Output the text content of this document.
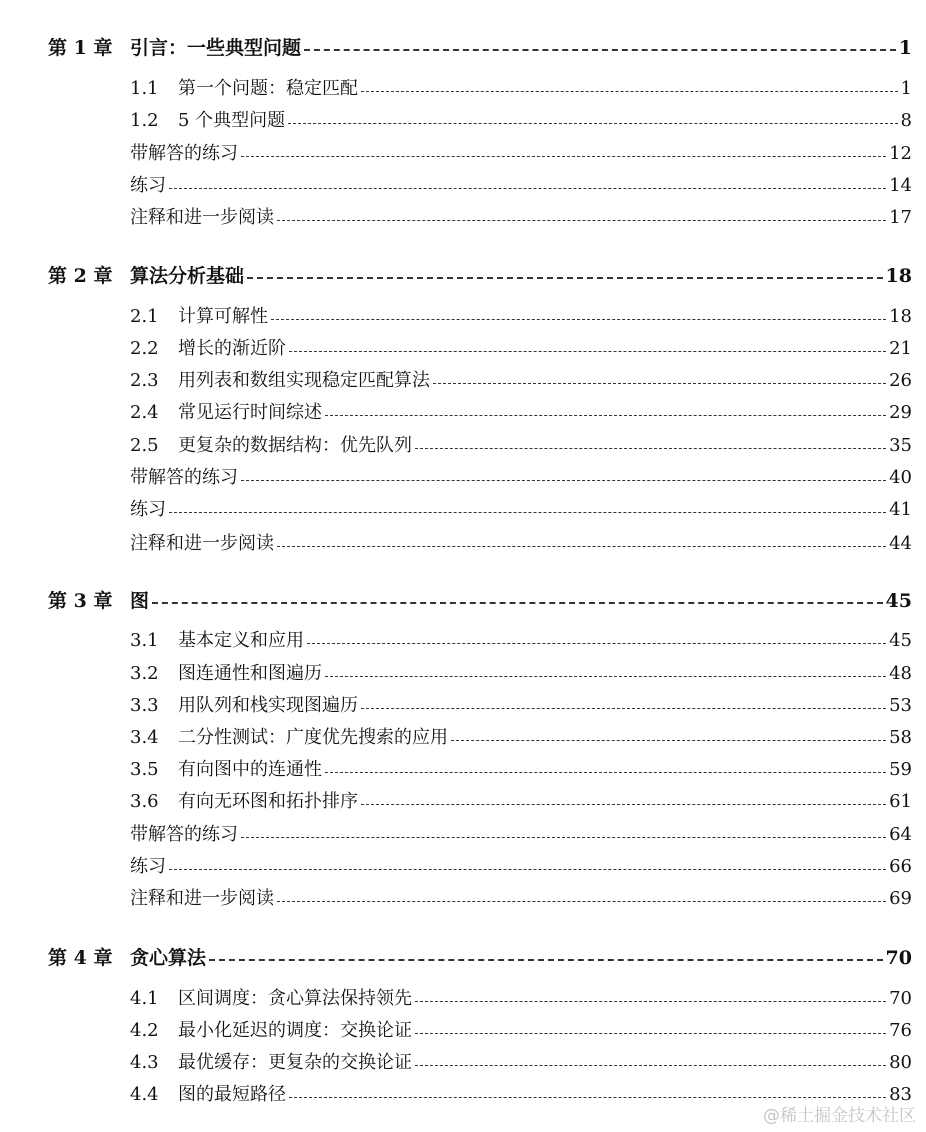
第 1 章 引言：一些典型问题	1
1.1	第一个问题：稳定匹配	1
1.2	5 个典型问题	8
带解答的练习	12
练习	14
注释和进一步阅读	17
第 2 章 算法分析基础	18
2.1	计算可解性	18
2.2	增长的渐近阶	21
2.3	用列表和数组实现稳定匹配算法	26
2.4	常见运行时间综述	29
2.5	更复杂的数据结构：优先队列	35
带解答的练习	40
练习	41
注释和进一步阅读	44
第 3 章 图	45
3.1	基本定义和应用	45
3.2	图连通性和图遍历	48
3.3	用队列和栈实现图遍历	53
3.4	二分性测试：广度优先搜索的应用	58
3.5	有向图中的连通性	59
3.6	有向无环图和拓扑排序	61
带解答的练习	64
练习	66
注释和进一步阅读	69
第 4 章 贪心算法	70
4.1	区间调度：贪心算法保持领先	70
4.2	最小化延迟的调度：交换论证	76
4.3	最优缓存：更复杂的交换论证	80
4.4	图的最短路径	83
@稀土掘金技术社区
